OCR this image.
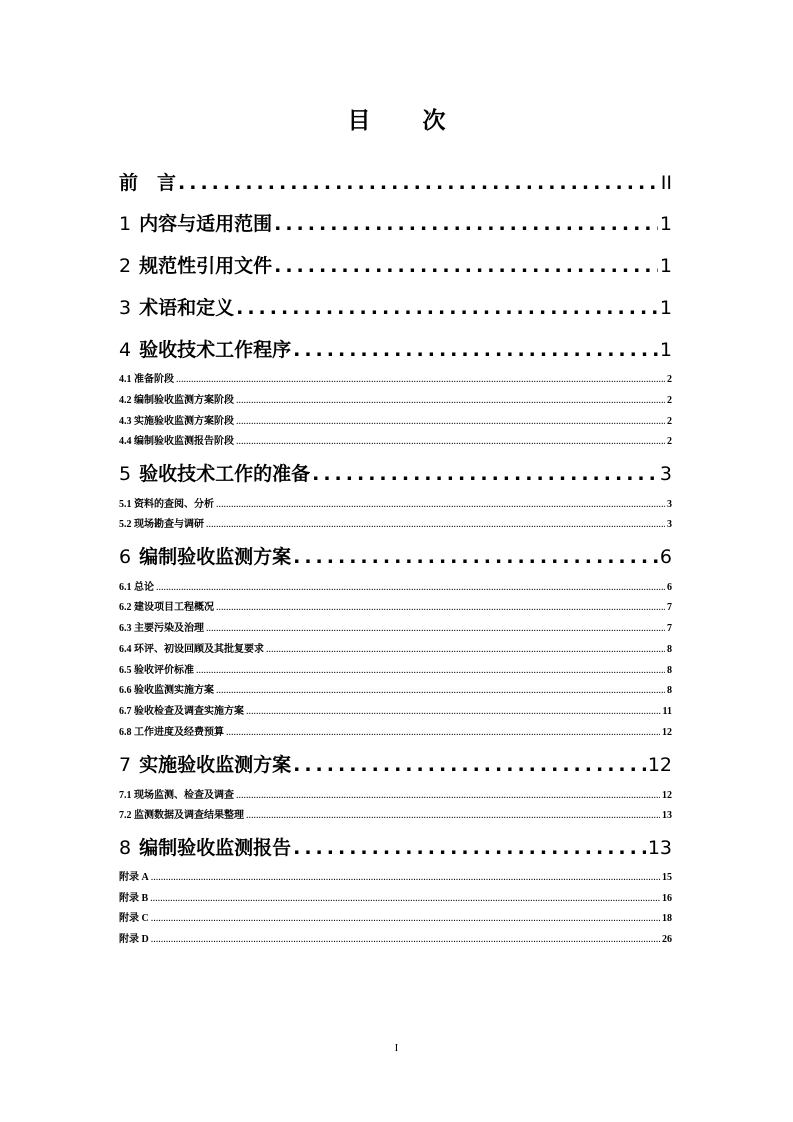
目 次
前　言 .....	II
1 内容与适用范围 .....	1
2 规范性引用文件 .....	1
3 术语和定义 .....	1
4 验收技术工作程序 .....	1
4.1 准备阶段 .....	2
4.2 编制验收监测方案阶段 .....	2
4.3 实施验收监测方案阶段 .....	2
4.4 编制验收监测报告阶段 .....	2
5 验收技术工作的准备 .....	3
5.1 资料的查阅、分析 .....	3
5.2 现场勘查与调研 .....	3
6 编制验收监测方案 .....	6
6.1 总论 .....	6
6.2 建设项目工程概况 .....	7
6.3 主要污染及治理 .....	7
6.4 环评、初设回顾及其批复要求 .....	8
6.5 验收评价标准 .....	8
6.6 验收监测实施方案 .....	8
6.7 验收检查及调查实施方案 .....	11
6.8 工作进度及经费预算 .....	12
7 实施验收监测方案 .....	12
7.1 现场监测、检查及调查 .....	12
7.2 监测数据及调查结果整理 .....	13
8 编制验收监测报告 .....	13
附录 A .....	15
附录 B .....	16
附录 C .....	18
附录 D .....	26
I
